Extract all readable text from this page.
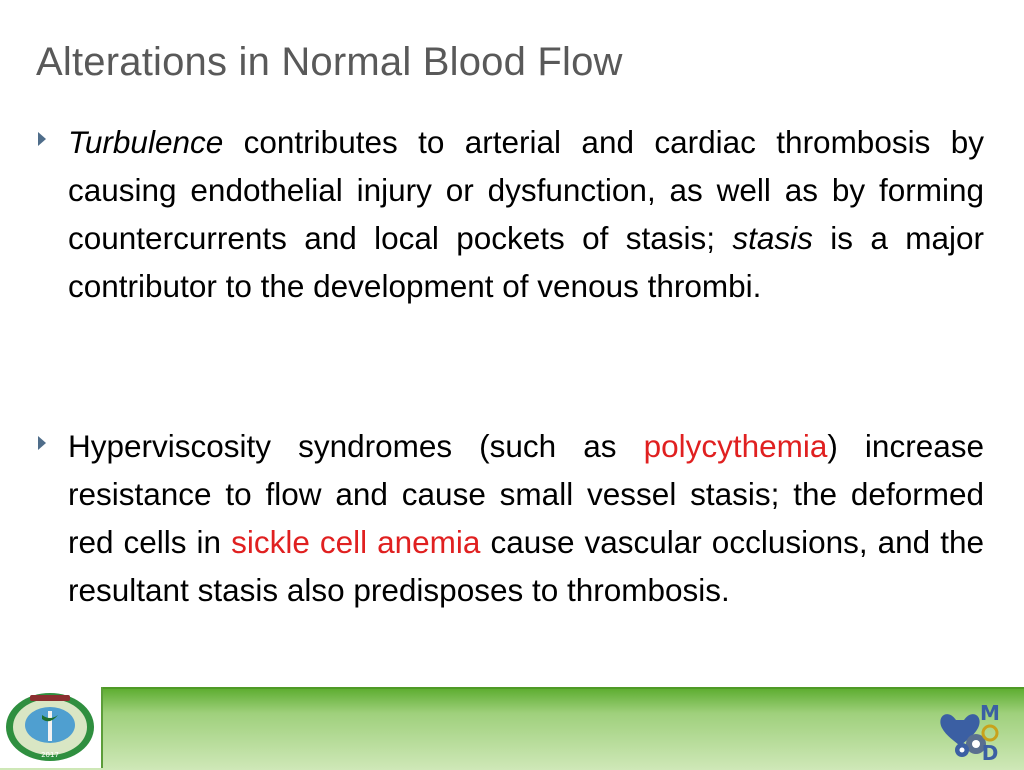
Alterations in Normal Blood Flow
Turbulence contributes to arterial and cardiac thrombosis by causing endothelial injury or dysfunction, as well as by forming countercurrents and local pockets of stasis; stasis is a major contributor to the development of venous thrombi.
Hyperviscosity syndromes (such as polycythemia) increase resistance to flow and cause small vessel stasis; the deformed red cells in sickle cell anemia cause vascular occlusions, and the resultant stasis also predisposes to thrombosis.
2017
M
D
